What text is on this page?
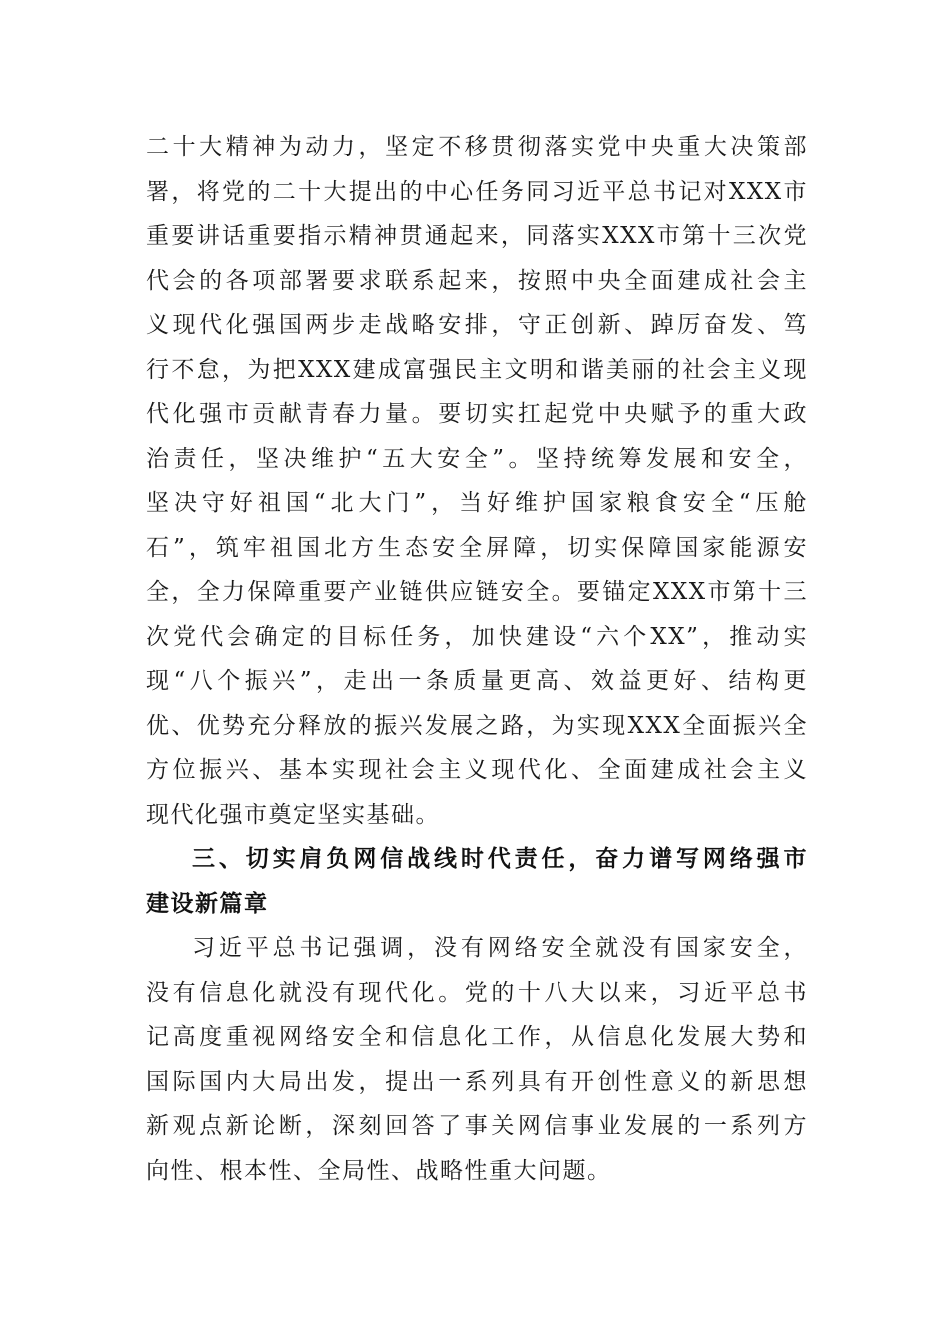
二十大精神为动力，坚定不移贯彻落实党中央重大决策部
署，将党的二十大提出的中心任务同习近平总书记对XXX市
重要讲话重要指示精神贯通起来，同落实XXX市第十三次党
代会的各项部署要求联系起来，按照中央全面建成社会主
义现代化强国两步走战略安排，守正创新、踔厉奋发、笃
行不怠，为把XXX建成富强民主文明和谐美丽的社会主义现
代化强市贡献青春力量。要切实扛起党中央赋予的重大政
治责任，坚决维护“五大安全”。坚持统筹发展和安全，
坚决守好祖国“北大门”，当好维护国家粮食安全“压舱
石”，筑牢祖国北方生态安全屏障，切实保障国家能源安
全，全力保障重要产业链供应链安全。要锚定XXX市第十三
次党代会确定的目标任务，加快建设“六个XX”，推动实
现“八个振兴”，走出一条质量更高、效益更好、结构更
优、优势充分释放的振兴发展之路，为实现XXX全面振兴全
方位振兴、基本实现社会主义现代化、全面建成社会主义
现代化强市奠定坚实基础。
三、切实肩负网信战线时代责任，奋力谱写网络强市
建设新篇章
习近平总书记强调，没有网络安全就没有国家安全，
没有信息化就没有现代化。党的十八大以来，习近平总书
记高度重视网络安全和信息化工作，从信息化发展大势和
国际国内大局出发，提出一系列具有开创性意义的新思想
新观点新论断，深刻回答了事关网信事业发展的一系列方
向性、根本性、全局性、战略性重大问题。
